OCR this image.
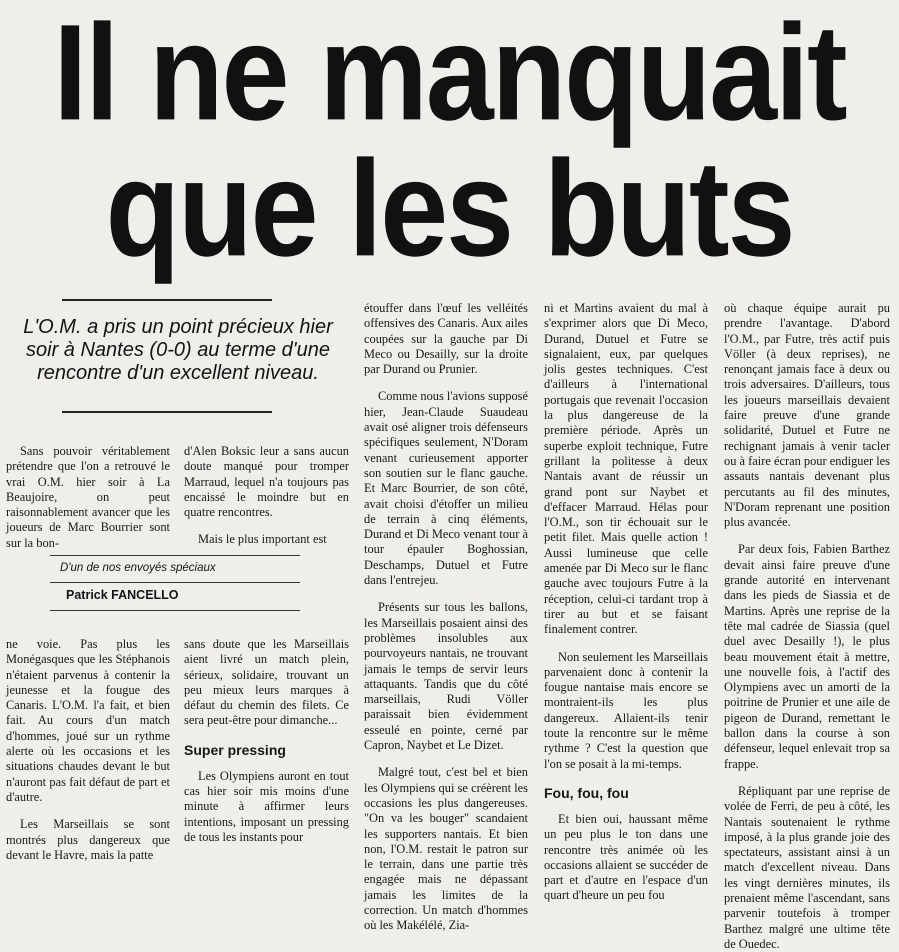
Il ne manquait
que les buts
L'O.M. a pris un point précieux hier soir à Nantes (0-0) au terme d'une rencontre d'un excellent niveau.

Sans pouvoir véritablement prétendre que l'on a retrouvé le vrai O.M. hier soir à La Beaujoire, on peut raisonnablement avancer que les joueurs de Marc Bourrier sont sur la bon-

d'Alen Boksic leur a sans aucun doute manqué pour tromper Marraud, lequel n'a toujours pas encaissé le moindre but en quatre rencontres.

Mais le plus important est

D'un de nos envoyés spéciaux
Patrick FANCELLO

ne voie. Pas plus les Monégasques que les Stéphanois n'étaient parvenus à contenir la jeunesse et la fougue des Canaris. L'O.M. l'a fait, et bien fait. Au cours d'un match d'hommes, joué sur un rythme alerte où les occasions et les situations chaudes devant le but n'auront pas fait défaut de part et d'autre.

Les Marseillais se sont montrés plus dangereux que devant le Havre, mais la patte

sans doute que les Marseillais aient livré un match plein, sérieux, solidaire, trouvant un peu mieux leurs marques à défaut du chemin des filets. Ce sera peut-être pour dimanche...

Super pressing

Les Olympiens auront en tout cas hier soir mis moins d'une minute à affirmer leurs intentions, imposant un pressing de tous les instants pour

étouffer dans l'œuf les velléités offensives des Canaris. Aux ailes coupées sur la gauche par Di Meco ou Desailly, sur la droite par Durand ou Prunier.

Comme nous l'avions supposé hier, Jean-Claude Suaudeau avait osé aligner trois défenseurs spécifiques seulement, N'Doram venant curieusement apporter son soutien sur le flanc gauche. Et Marc Bourrier, de son côté, avait choisi d'étoffer un milieu de terrain à cinq éléments, Durand et Di Meco venant tour à tour épauler Boghossian, Deschamps, Dutuel et Futre dans l'entrejeu.

Présents sur tous les ballons, les Marseillais posaient ainsi des problèmes insolubles aux pourvoyeurs nantais, ne trouvant jamais le temps de servir leurs attaquants. Tandis que du côté marseillais, Rudi Völler paraissait bien évidemment esseulé en pointe, cerné par Capron, Naybet et Le Dizet.

Malgré tout, c'est bel et bien les Olympiens qui se créèrent les occasions les plus dangereuses. "On va les bouger" scandaient les supporters nantais. Et bien non, l'O.M. restait le patron sur le terrain, dans une partie très engagée mais ne dépassant jamais les limites de la correction. Un match d'hommes où les Makélélé, Zia-

ni et Martins avaient du mal à s'exprimer alors que Di Meco, Durand, Dutuel et Futre se signalaient, eux, par quelques jolis gestes techniques. C'est d'ailleurs à l'international portugais que revenait l'occasion la plus dangereuse de la première période. Après un superbe exploit technique, Futre grillant la politesse à deux Nantais avant de réussir un grand pont sur Naybet et d'effacer Marraud. Hélas pour l'O.M., son tir échouait sur le petit filet. Mais quelle action ! Aussi lumineuse que celle amenée par Di Meco sur le flanc gauche avec toujours Futre à la réception, celui-ci tardant trop à tirer au but et se faisant finalement contrer.

Non seulement les Marseillais parvenaient donc à contenir la fougue nantaise mais encore se montraient-ils les plus dangereux. Allaient-ils tenir toute la rencontre sur le même rythme ? C'est la question que l'on se posait à la mi-temps.

Fou, fou, fou

Et bien oui, haussant même un peu plus le ton dans une rencontre très animée où les occasions allaient se succéder de part et d'autre en l'espace d'un quart d'heure un peu fou

où chaque équipe aurait pu prendre l'avantage. D'abord l'O.M., par Futre, très actif puis Völler (à deux reprises), ne renonçant jamais face à deux ou trois adversaires. D'ailleurs, tous les joueurs marseillais devaient faire preuve d'une grande solidarité, Dutuel et Futre ne rechignant jamais à venir tacler ou à faire écran pour endiguer les assauts nantais devenant plus percutants au fil des minutes, N'Doram reprenant une position plus avancée.

Par deux fois, Fabien Barthez devait ainsi faire preuve d'une grande autorité en intervenant dans les pieds de Siassia et de Martins. Après une reprise de la tête mal cadrée de Siassia (quel duel avec Desailly !), le plus beau mouvement était à mettre, une nouvelle fois, à l'actif des Olympiens avec un amorti de la poitrine de Prunier et une aile de pigeon de Durand, remettant le ballon dans la course à son défenseur, lequel enlevait trop sa frappe.

Répliquant par une reprise de volée de Ferri, de peu à côté, les Nantais soutenaient le rythme imposé, à la plus grande joie des spectateurs, assistant ainsi à un match d'excellent niveau. Dans les vingt dernières minutes, ils prenaient même l'ascendant, sans parvenir toutefois à tromper Barthez malgré une ultime tête de Ouedec.
